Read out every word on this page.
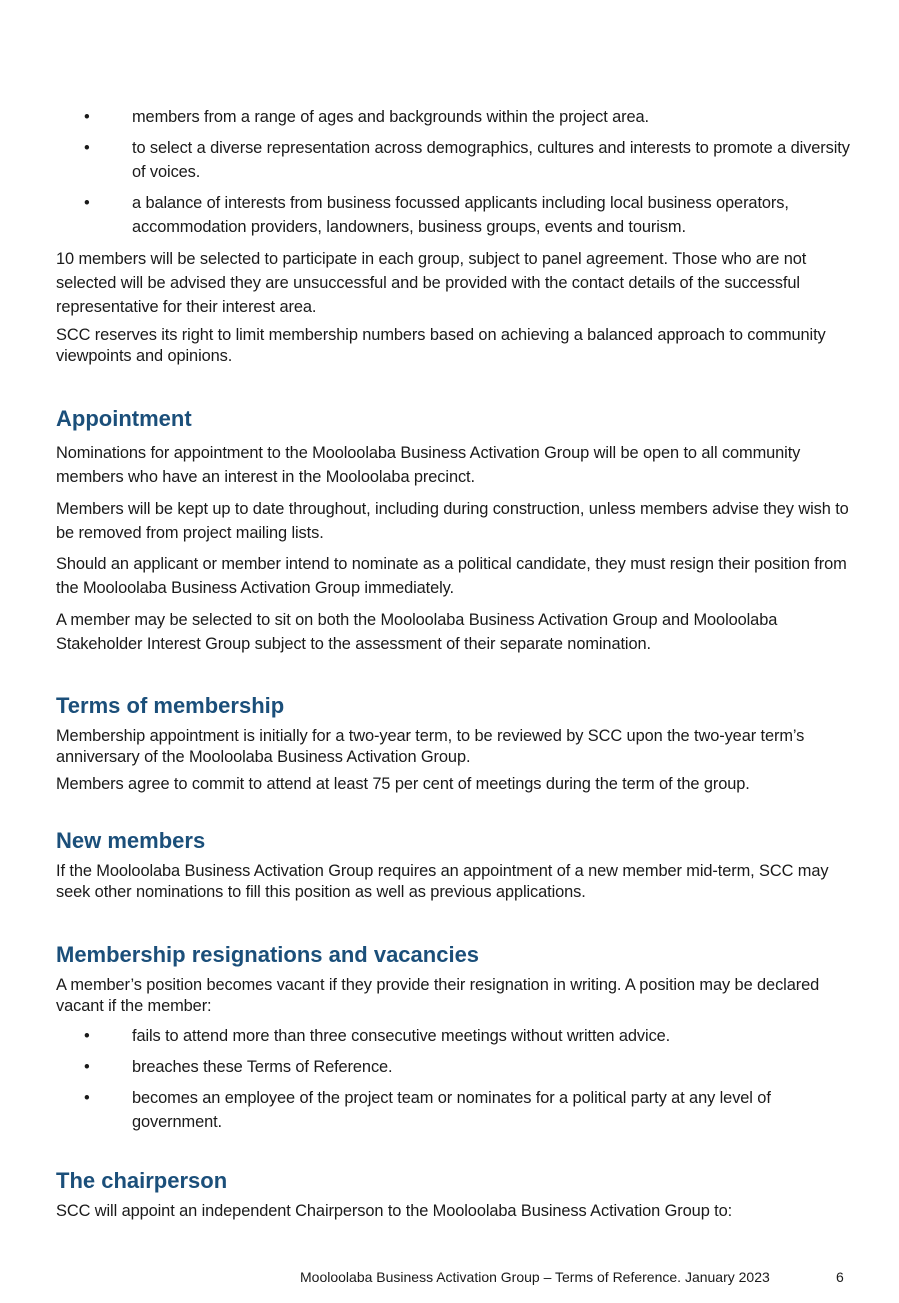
•	members from a range of ages and backgrounds within the project area.
•	to select a diverse representation across demographics, cultures and interests to promote a diversity of voices.
•	a balance of interests from business focussed applicants including local business operators, accommodation providers, landowners, business groups, events and tourism.

10 members will be selected to participate in each group, subject to panel agreement. Those who are not selected will be advised they are unsuccessful and be provided with the contact details of the successful representative for their interest area.

SCC reserves its right to limit membership numbers based on achieving a balanced approach to community viewpoints and opinions.

Appointment

Nominations for appointment to the Mooloolaba Business Activation Group will be open to all community members who have an interest in the Mooloolaba precinct.

Members will be kept up to date throughout, including during construction, unless members advise they wish to be removed from project mailing lists.

Should an applicant or member intend to nominate as a political candidate, they must resign their position from the Mooloolaba Business Activation Group immediately.

A member may be selected to sit on both the Mooloolaba Business Activation Group and Mooloolaba Stakeholder Interest Group subject to the assessment of their separate nomination.

Terms of membership

Membership appointment is initially for a two-year term, to be reviewed by SCC upon the two-year term’s anniversary of the Mooloolaba Business Activation Group.

Members agree to commit to attend at least 75 per cent of meetings during the term of the group.

New members

If the Mooloolaba Business Activation Group requires an appointment of a new member mid-term, SCC may seek other nominations to fill this position as well as previous applications.

Membership resignations and vacancies

A member’s position becomes vacant if they provide their resignation in writing. A position may be declared vacant if the member:

•	fails to attend more than three consecutive meetings without written advice.
•	breaches these Terms of Reference.
•	becomes an employee of the project team or nominates for a political party at any level of government.
The chairperson

SCC will appoint an independent Chairperson to the Mooloolaba Business Activation Group to:

Mooloolaba Business Activation Group – Terms of Reference. January 2023	6
